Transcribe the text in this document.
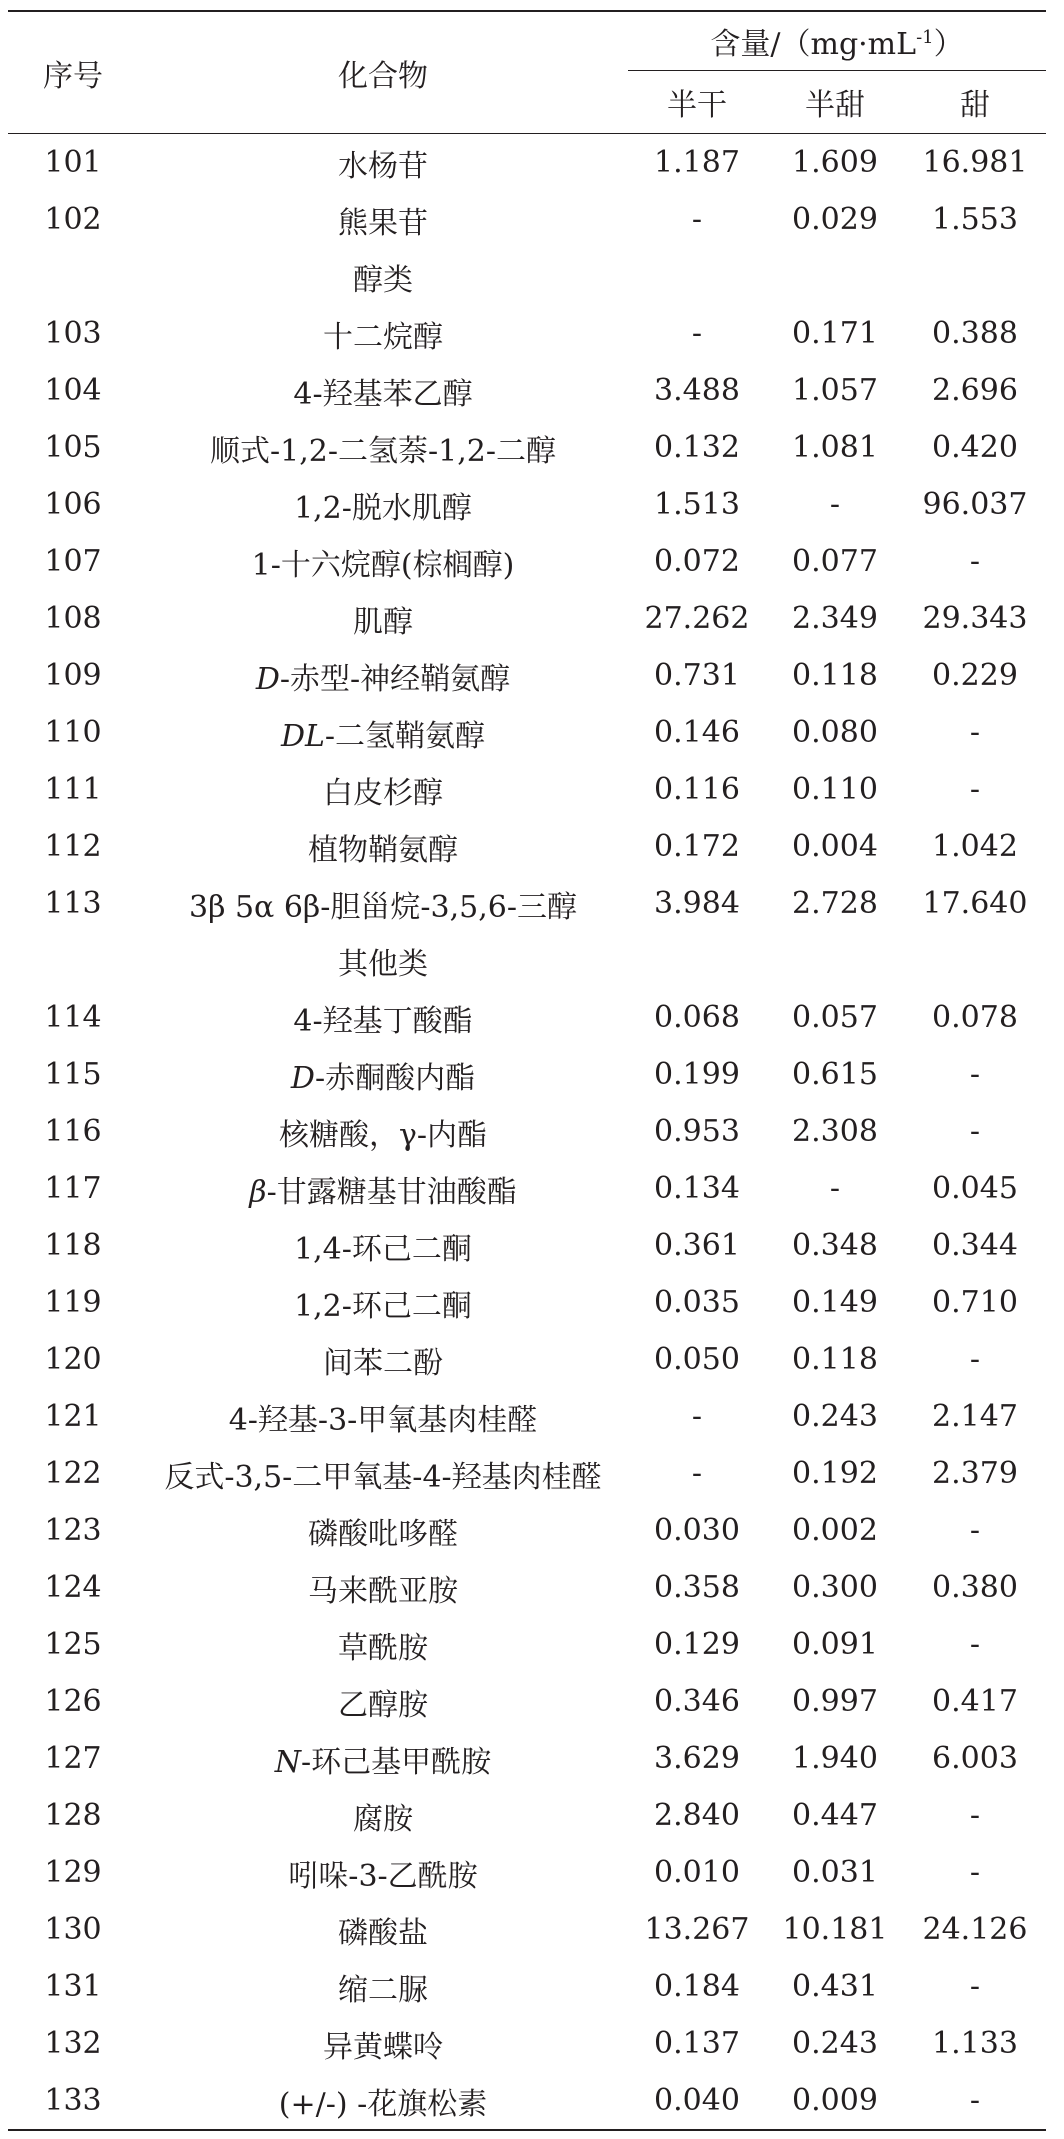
序号	化合物	含量$/(mg\cdot mL^{-1})$		
		半干	半甜	甜
101	水杨苷	1.187	1.609	16.981
102	熊果苷	-	0.029	1.553
	醇类			
103	十二烷醇	-	0.171	0.388
104	4-羟基苯乙醇	3.488	1.057	2.696
105	顺式-1,2-二氢萘-1,2-二醇	0.132	1.081	0.420
106	1,2-脱水肌醇	1.513	-	96.037
107	1-十六烷醇(棕榈醇)	0.072	0.077	-
108	肌醇	27.262	2.349	29.343
109	D-赤型-神经鞘氨醇	0.731	0.118	0.229
110	DL-二氢鞘氨醇	0.146	0.080	-
111	白皮杉醇	0.116	0.110	-
112	植物鞘氨醇	0.172	0.004	1.042
113	3β 5α 6β-胆甾烷-3,5,6-三醇	3.984	2.728	17.640
	其他类			
114	4-羟基丁酸酯	0.068	0.057	0.078
115	D-赤酮酸内酯	0.199	0.615	-
116	核糖酸，γ-内酯	0.953	2.308	-
117	β-甘露糖基甘油酸酯	0.134	-	0.045
118	1,4-环己二酮	0.361	0.348	0.344
119	1,2-环己二酮	0.035	0.149	0.710
120	间苯二酚	0.050	0.118	-
121	4-羟基-3-甲氧基肉桂醛	-	0.243	2.147
122	反式-3,5-二甲氧基-4-羟基肉桂醛	-	0.192	2.379
123	磷酸吡哆醛	0.030	0.002	-
124	马来酰亚胺	0.358	0.300	0.380
125	草酰胺	0.129	0.091	-
126	乙醇胺	0.346	0.997	0.417
127	N-环己基甲酰胺	3.629	1.940	6.003
128	腐胺	2.840	0.447	-
129	吲哚-3-乙酰胺	0.010	0.031	-
130	磷酸盐	13.267	10.181	24.126
131	缩二脲	0.184	0.431	-
132	异黄蝶呤	0.137	0.243	1.133
133	(+/-) -花旗松素	0.040	0.009	-
